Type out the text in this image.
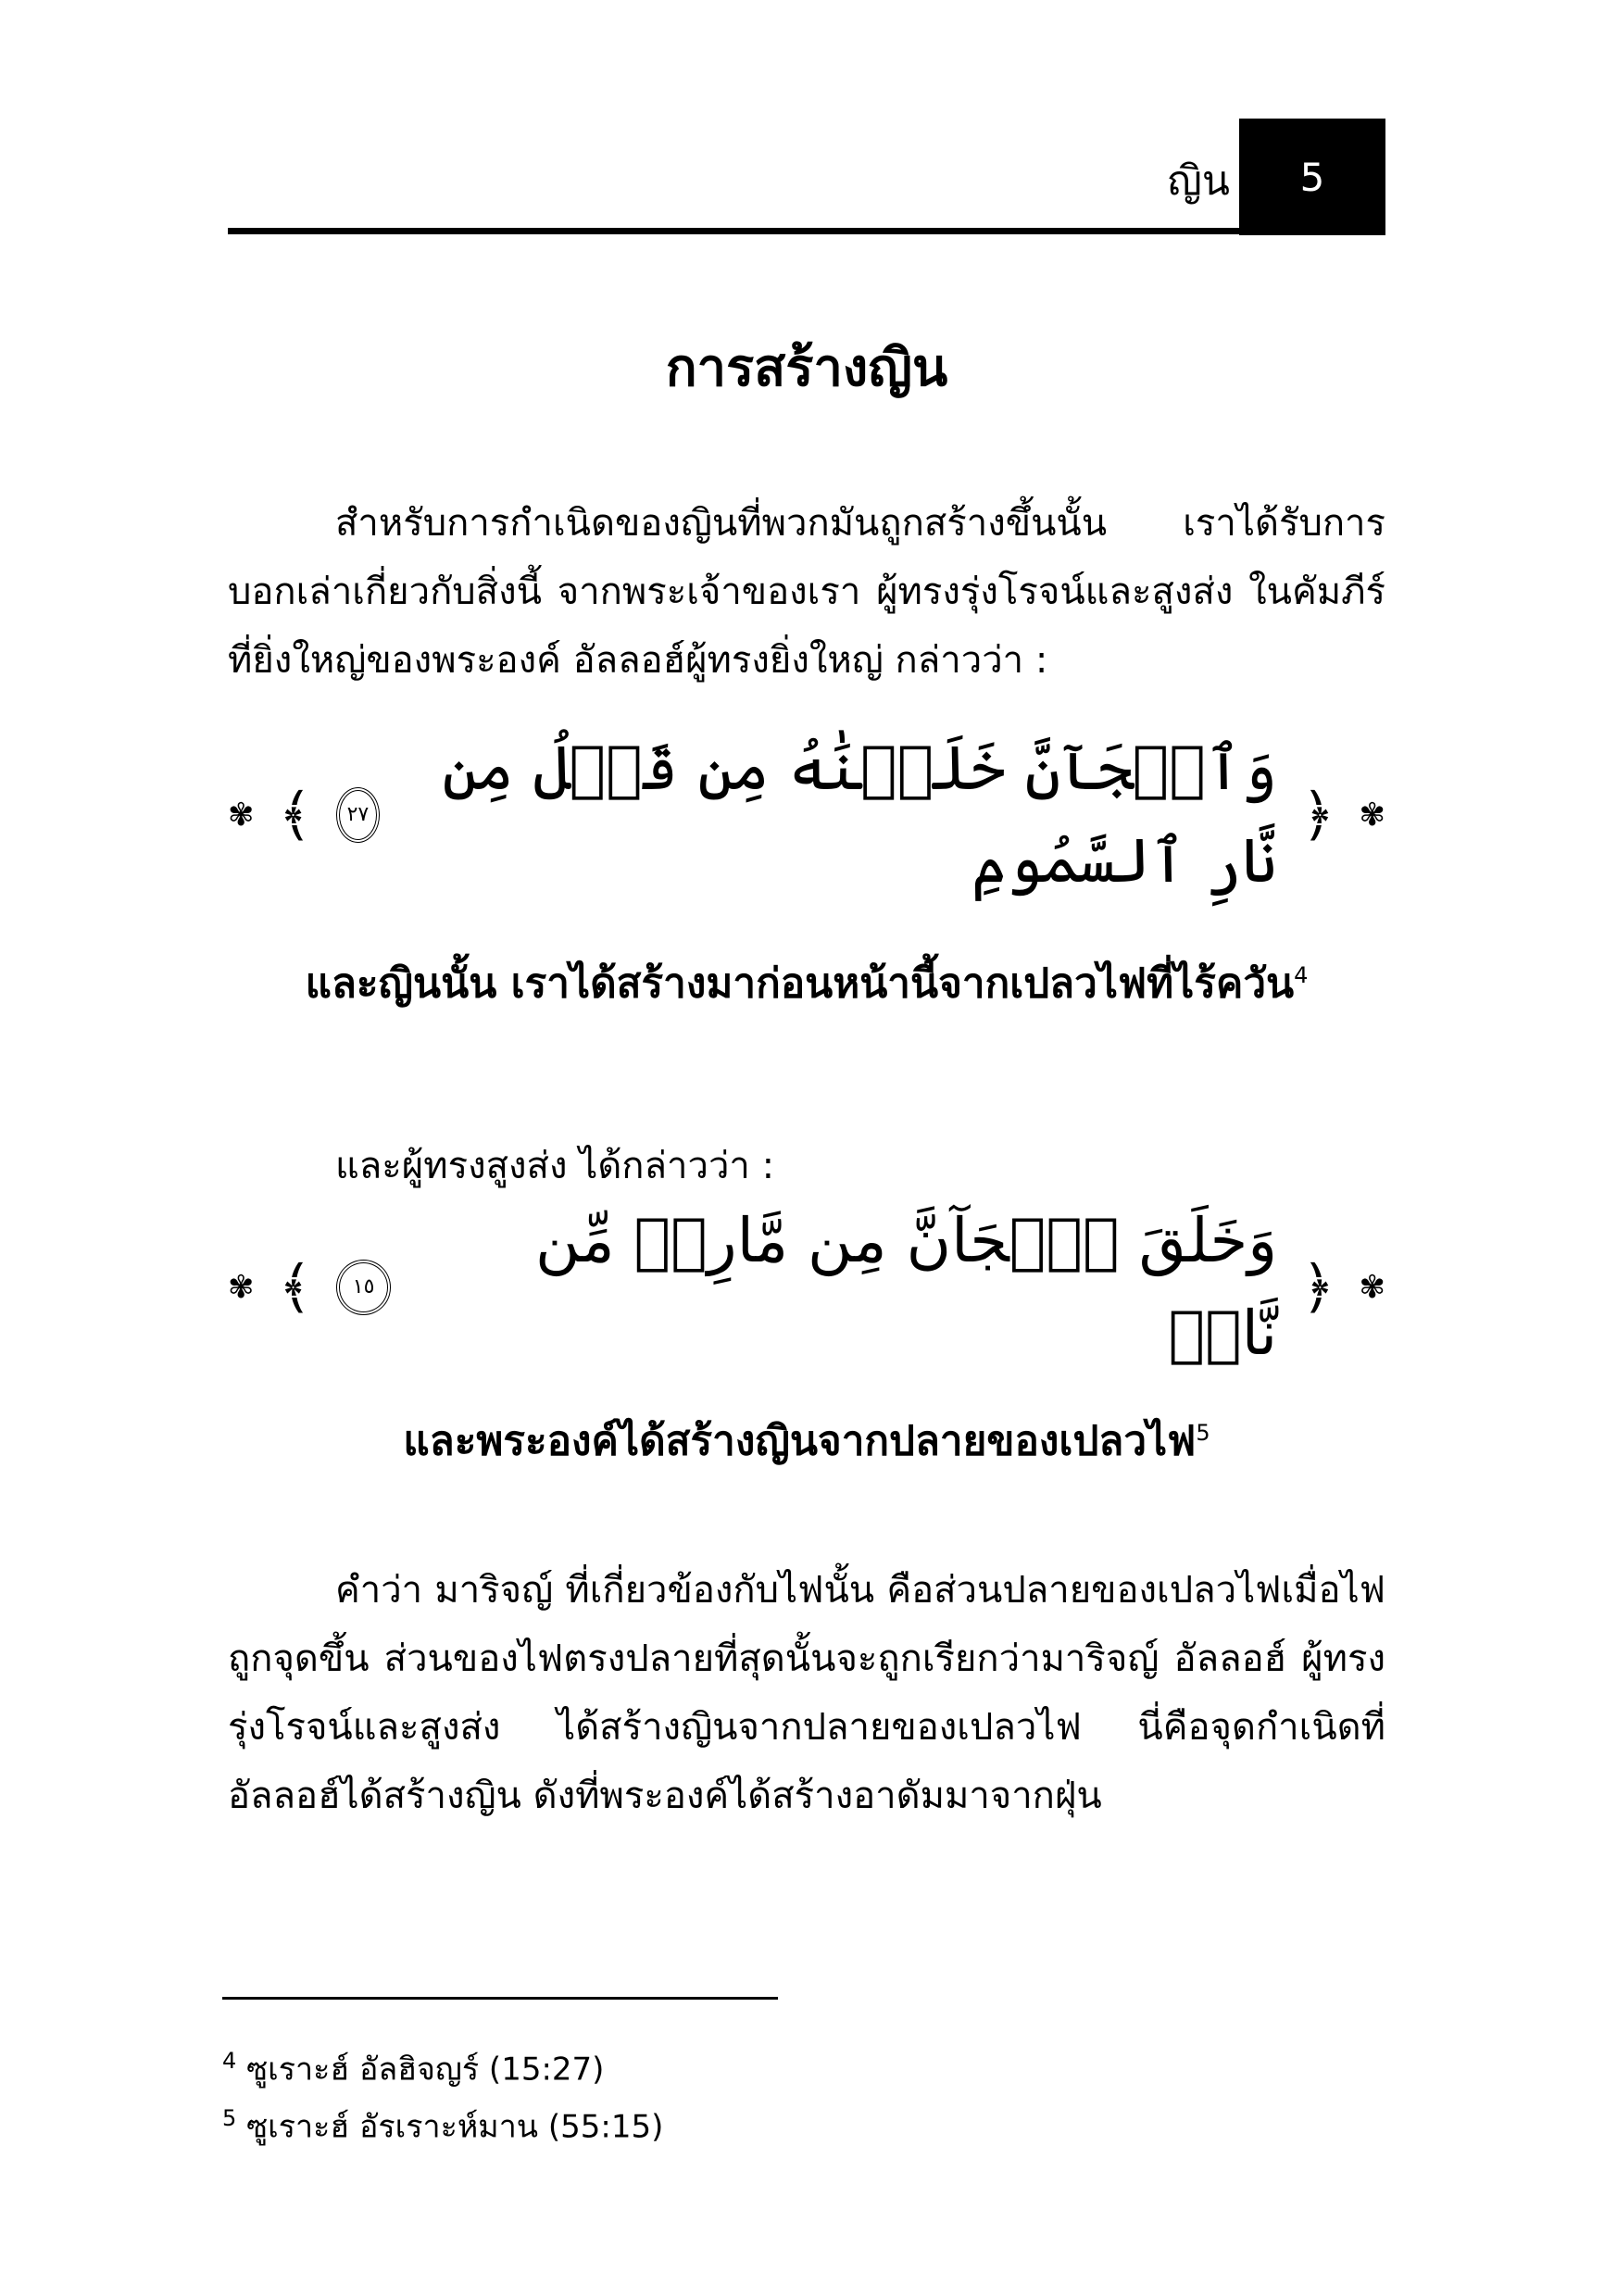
ญิน 5
การสร้างญิน
สำหรับการกำเนิดของญินที่พวกมันถูกสร้างขึ้นนั้น เราได้รับการบอกเล่าเกี่ยวกับสิ่งนี้ จากพระเจ้าของเรา ผู้ทรงรุ่งโรจน์และสูงส่ง ในคัมภีร์ที่ยิ่งใหญ่ของพระองค์ อัลลอฮ์ผู้ทรงยิ่งใหญ่ กล่าวว่า :
✾
﴿
وَٱلۡجَآنَّ خَلَقۡنَٰهُ مِن قَبۡلُ مِن نَّارِ ٱلسَّمُومِ
٢٧
﴾
✾
และญินนั้น เราได้สร้างมาก่อนหน้านี้จากเปลวไฟที่ไร้ควัน$^4$
และผู้ทรงสูงส่ง ได้กล่าวว่า :
✾
﴿
وَخَلَقَ ٱلۡجَآنَّ مِن مَّارِجٖ مِّن نَّارٖ
١٥
﴾
✾
และพระองค์ได้สร้างญินจากปลายของเปลวไฟ$^5$
คำว่า มาริจญ์ ที่เกี่ยวข้องกับไฟนั้น คือส่วนปลายของเปลวไฟเมื่อไฟถูกจุดขึ้น ส่วนของไฟตรงปลายที่สุดนั้นจะถูกเรียกว่ามาริจญ์ อัลลอฮ์ ผู้ทรงรุ่งโรจน์และสูงส่ง ได้สร้างญินจากปลายของเปลวไฟ นี่คือจุดกำเนิดที่อัลลอฮ์ได้สร้างญิน ดังที่พระองค์ได้สร้างอาดัมมาจากฝุ่น
$^4$ ซูเราะฮ์ อัลฮิจญร์ (15:27)
$^5$ ซูเราะฮ์ อัรเราะห์มาน (55:15)
